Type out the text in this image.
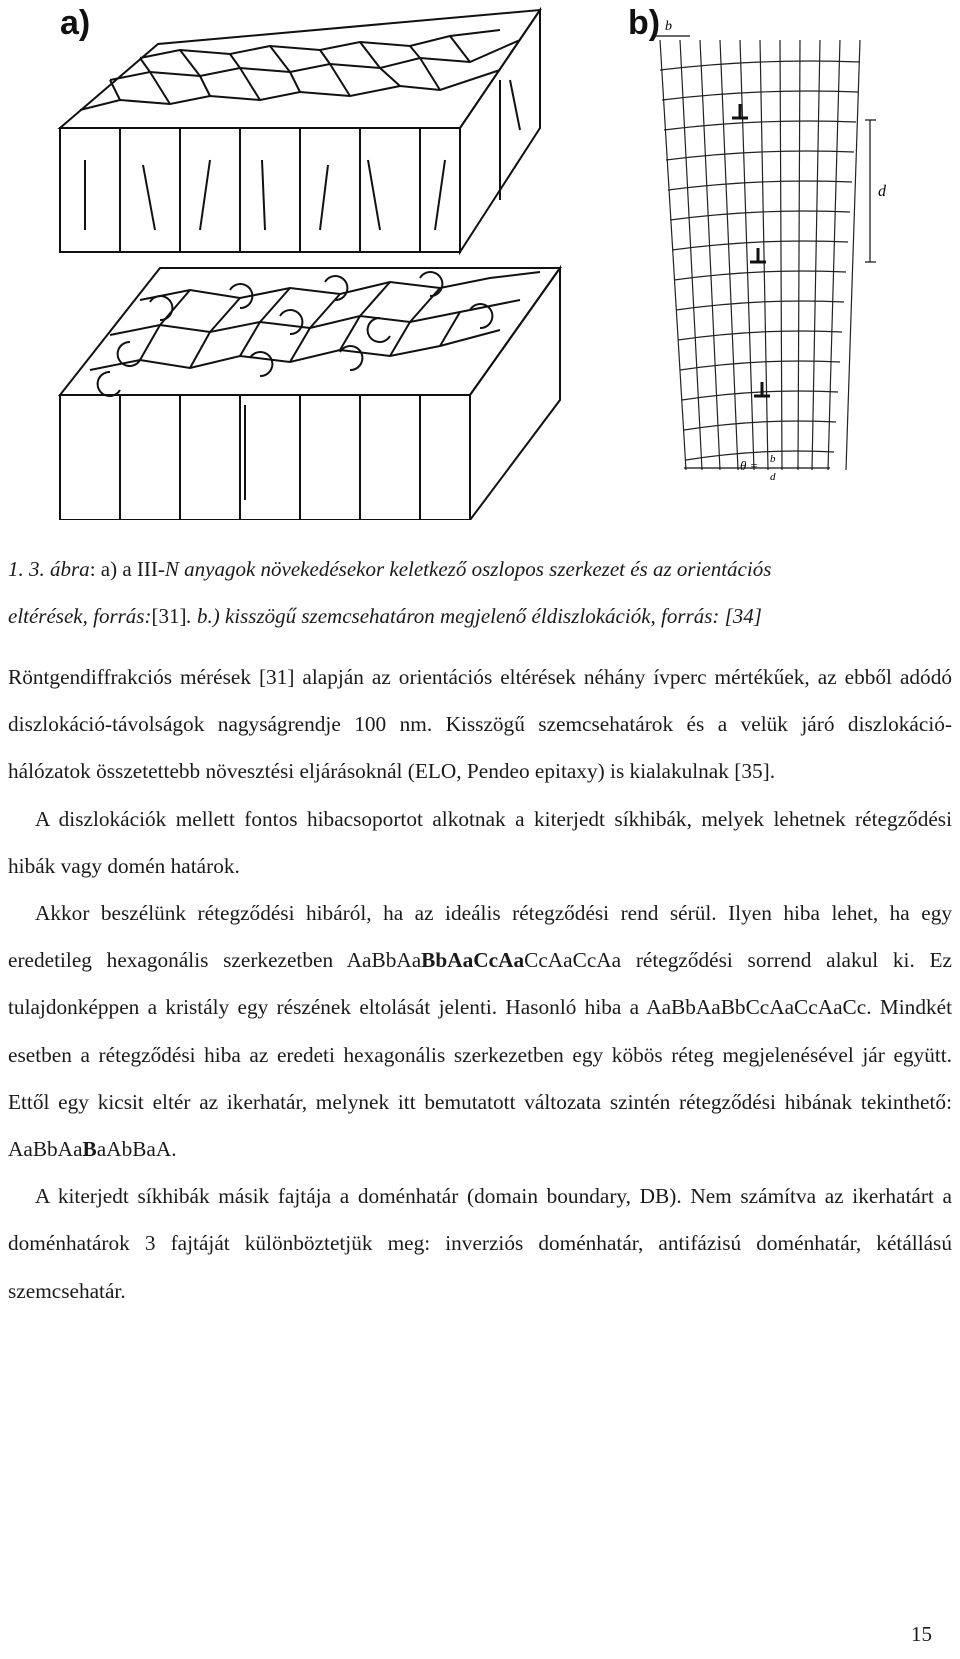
a)	b) b
d
θ = b
d
1. 3. ábra: a) a III-N anyagok növekedésekor keletkező oszlopos szerkezet és az orientációs
eltérések, forrás:[31]. b.) kisszögű szemcsehatáron megjelenő éldiszlokációk, forrás: [34]

Röntgendiffrakciós mérések [31] alapján az orientációs eltérések néhány ívperc mértékűek, az ebből adódó diszlokáció-távolságok nagyságrendje 100 nm. Kisszögű szemcsehatárok és a velük járó diszlokáció-hálózatok összetettebb növesztési eljárásoknál (ELO, Pendeo epitaxy) is kialakulnak [35].

A diszlokációk mellett fontos hibacsoportot alkotnak a kiterjedt síkhibák, melyek lehetnek rétegződési hibák vagy domén határok.

Akkor beszélünk rétegződési hibáról, ha az ideális rétegződési rend sérül. Ilyen hiba lehet, ha egy eredetileg hexagonális szerkezetben AaBbAaBbAaCcAaCcAaCcAa rétegződési sorrend alakul ki. Ez tulajdonképpen a kristály egy részének eltolását jelenti. Hasonló hiba a AaBbAaBbCcAaCcAaCc. Mindkét esetben a rétegződési hiba az eredeti hexagonális szerkezetben egy köbös réteg megjelenésével jár együtt. Ettől egy kicsit eltér az ikerhatár, melynek itt bemutatott változata szintén rétegződési hibának tekinthető: AaBbAaBaAbBaA.

A kiterjedt síkhibák másik fajtája a doménhatár (domain boundary, DB). Nem számítva az ikerhatárt a doménhatárok 3 fajtáját különböztetjük meg: inverziós doménhatár, antifázisú doménhatár, kétállású szemcsehatár.

15
